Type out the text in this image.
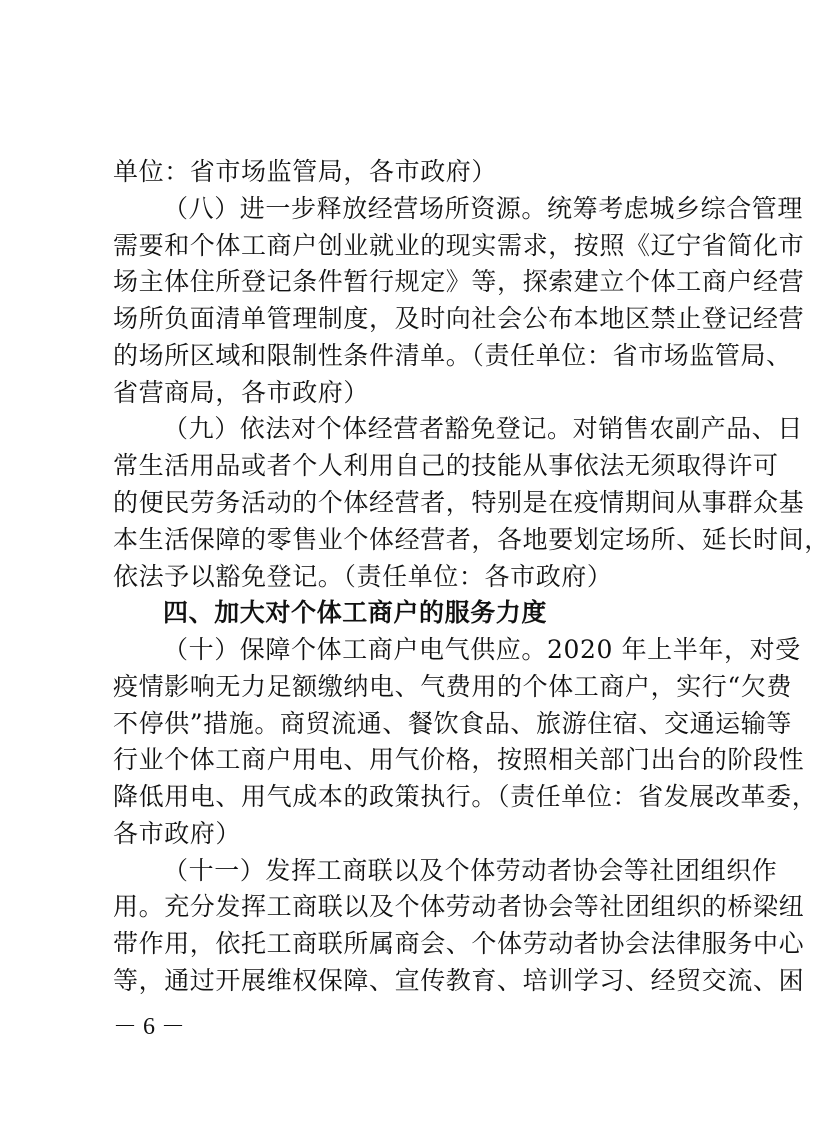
单位：省市场监管局，各市政府）
（八）进一步释放经营场所资源。统筹考虑城乡综合管理
需要和个体工商户创业就业的现实需求，按照《辽宁省简化市
场主体住所登记条件暂行规定》等，探索建立个体工商户经营
场所负面清单管理制度，及时向社会公布本地区禁止登记经营
的场所区域和限制性条件清单。（责任单位：省市场监管局、
省营商局，各市政府）
（九）依法对个体经营者豁免登记。对销售农副产品、日
常生活用品或者个人利用自己的技能从事依法无须取得许可
的便民劳务活动的个体经营者，特别是在疫情期间从事群众基
本生活保障的零售业个体经营者，各地要划定场所、延长时间，
依法予以豁免登记。（责任单位：各市政府）
四、加大对个体工商户的服务力度
（十）保障个体工商户电气供应。2020 年上半年，对受
疫情影响无力足额缴纳电、气费用的个体工商户，实行“欠费
不停供”措施。商贸流通、餐饮食品、旅游住宿、交通运输等
行业个体工商户用电、用气价格，按照相关部门出台的阶段性
降低用电、用气成本的政策执行。（责任单位：省发展改革委，
各市政府）
（十一）发挥工商联以及个体劳动者协会等社团组织作
用。充分发挥工商联以及个体劳动者协会等社团组织的桥梁纽
带作用，依托工商联所属商会、个体劳动者协会法律服务中心
等，通过开展维权保障、宣传教育、培训学习、经贸交流、困
－ 6 －
